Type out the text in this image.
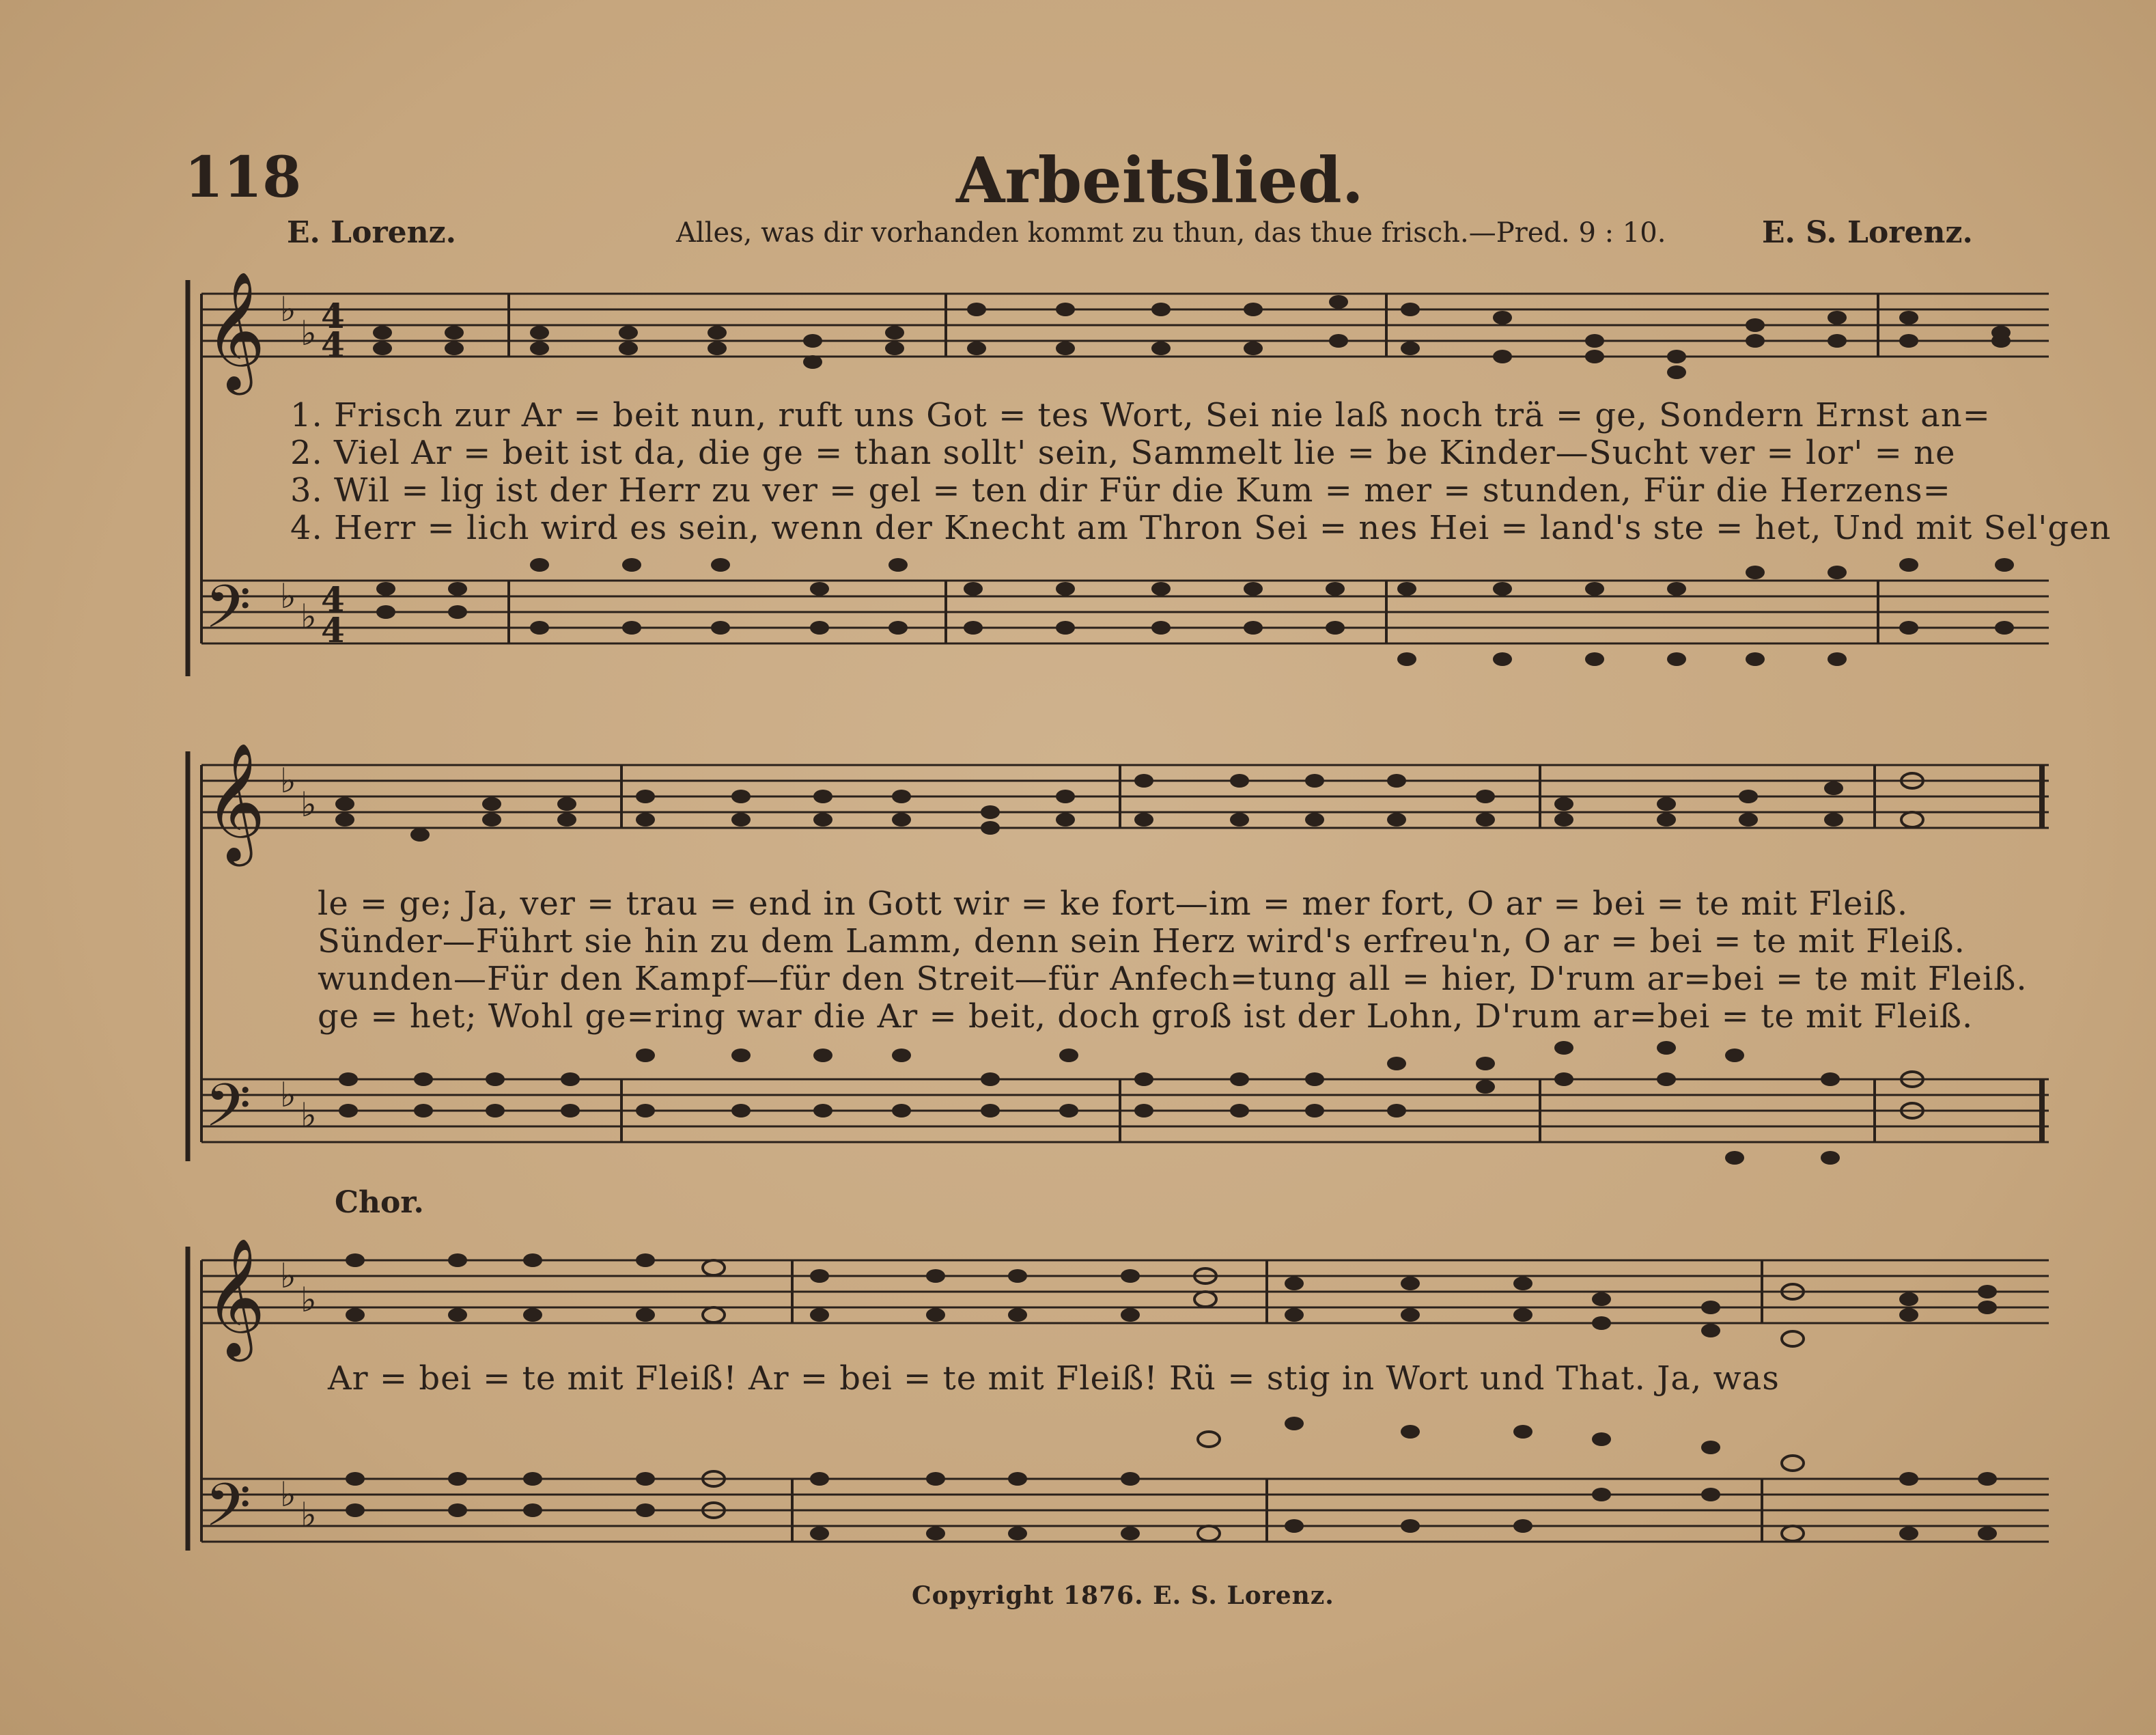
118	Arbeitslied.
E. Lorenz.	Alles, was dir vorhanden kommt zu thun, das thue frisch.—Pred. 9 : 10.	E. S. Lorenz.
𝄞
𝄢
♭
♭ 4
4
♭
♭ 4
4
𝄞
𝄢
♭
♭
♭
♭
𝄞
𝄢
♭
♭
♭
♭
1. Frisch zur Ar = beit nun, ruft uns Got = tes Wort, Sei nie laß noch trä = ge, Sondern Ernst an=
2. Viel Ar = beit ist da, die ge = than sollt' sein, Sammelt lie = be Kinder—Sucht ver = lor' = ne
3. Wil = lig ist der Herr zu ver = gel = ten dir Für die Kum = mer = stunden, Für die Herzens=
4. Herr = lich wird es sein, wenn der Knecht am Thron Sei = nes Hei = land's ste = het, Und mit Sel'gen
le = ge; Ja, ver = trau = end in Gott wir = ke fort—im = mer fort, O ar = bei = te mit Fleiß.
Sünder—Führt sie hin zu dem Lamm, denn sein Herz wird's erfreu'n, O ar = bei = te mit Fleiß.
wunden—Für den Kampf—für den Streit—für Anfech=tung all = hier, D'rum ar=bei = te mit Fleiß.
ge = het; Wohl ge=ring war die Ar = beit, doch groß ist der Lohn, D'rum ar=bei = te mit Fleiß.
Chor.
Ar = bei = te mit Fleiß! Ar = bei = te mit Fleiß! Rü = stig in Wort und That. Ja, was
Copyright 1876. E. S. Lorenz.
